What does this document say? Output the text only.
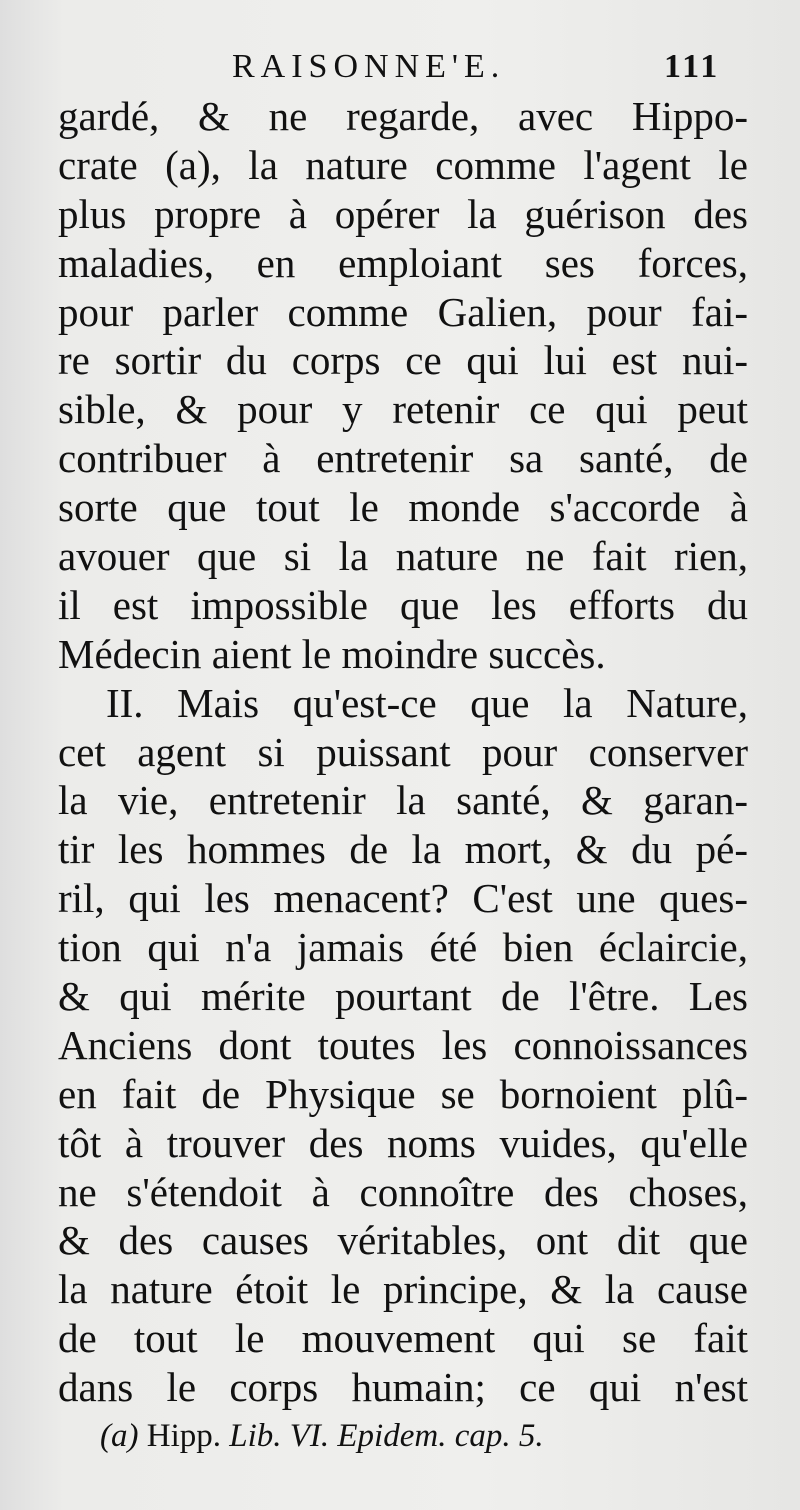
RAISONNE'E.	111
gardé, & ne regarde, avec Hippo-
crate (a), la nature comme l'agent le
plus propre à opérer la guérison des
maladies, en emploiant ses forces,
pour parler comme Galien, pour fai-
re sortir du corps ce qui lui est nui-
sible, & pour y retenir ce qui peut
contribuer à entretenir sa santé, de
sorte que tout le monde s'accorde à
avouer que si la nature ne fait rien,
il est impossible que les efforts du
Médecin aient le moindre succès.
II. Mais qu'est-ce que la Nature,
cet agent si puissant pour conserver
la vie, entretenir la santé, & garan-
tir les hommes de la mort, & du pé-
ril, qui les menacent? C'est une ques-
tion qui n'a jamais été bien éclaircie,
& qui mérite pourtant de l'être. Les
Anciens dont toutes les connoissances
en fait de Physique se bornoient plû-
tôt à trouver des noms vuides, qu'elle
ne s'étendoit à connoître des choses,
& des causes véritables, ont dit que
la nature étoit le principe, & la cause
de tout le mouvement qui se fait
dans le corps humain; ce qui n'est
(a) Hipp. Lib. VI. Epidem. cap. 5.
